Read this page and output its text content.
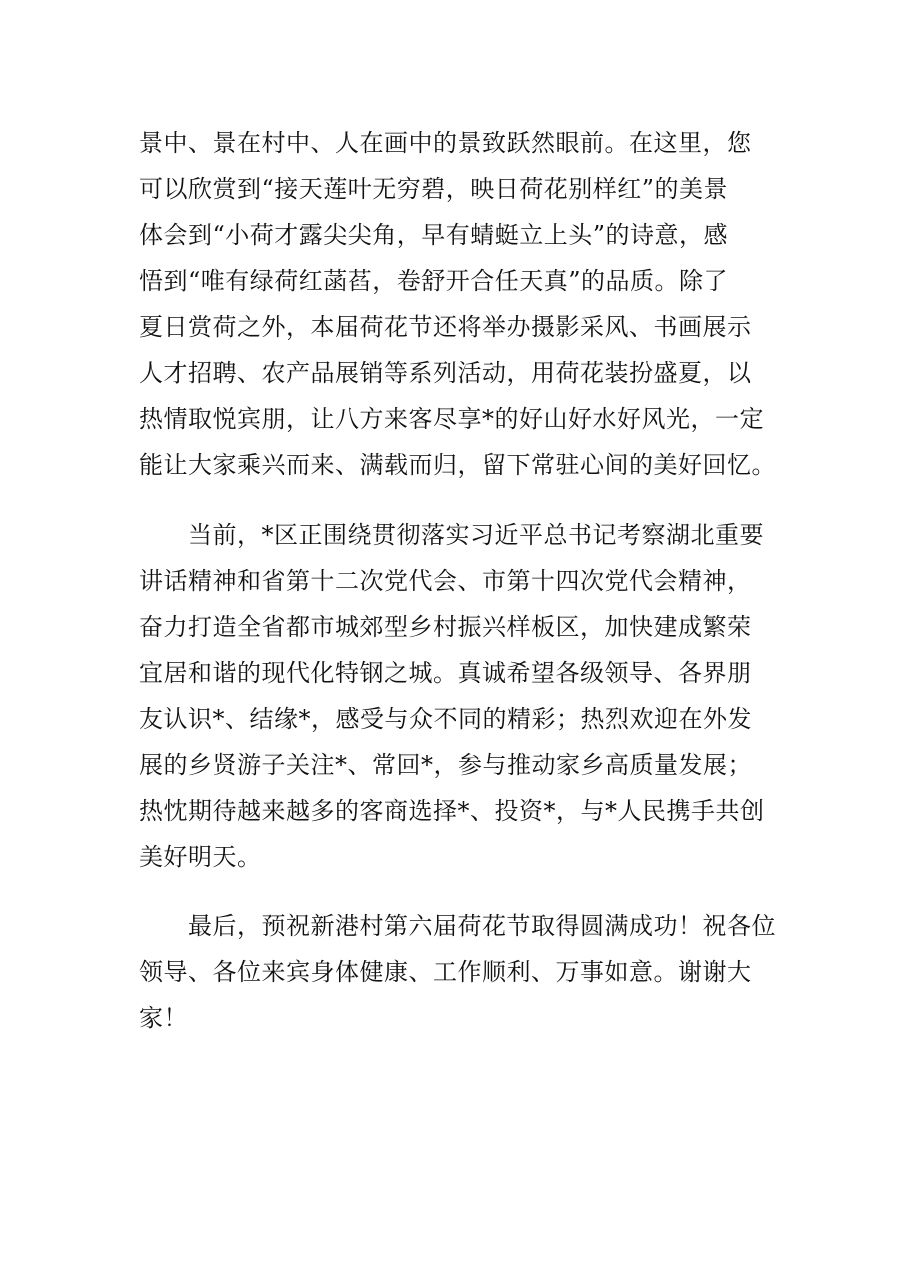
景中、景在村中、人在画中的景致跃然眼前。在这里，您
可以欣赏到“接天莲叶无穷碧，映日荷花别样红”的美景
体会到“小荷才露尖尖角，早有蜻蜓立上头”的诗意，感
悟到“唯有绿荷红菡萏，卷舒开合任天真”的品质。除了
夏日赏荷之外，本届荷花节还将举办摄影采风、书画展示
人才招聘、农产品展销等系列活动，用荷花装扮盛夏，以
热情取悦宾朋，让八方来客尽享*的好山好水好风光，一定
能让大家乘兴而来、满载而归，留下常驻心间的美好回忆。
　　当前，*区正围绕贯彻落实习近平总书记考察湖北重要
讲话精神和省第十二次党代会、市第十四次党代会精神，
奋力打造全省都市城郊型乡村振兴样板区，加快建成繁荣
宜居和谐的现代化特钢之城。真诚希望各级领导、各界朋
友认识*、结缘*，感受与众不同的精彩；热烈欢迎在外发
展的乡贤游子关注*、常回*，参与推动家乡高质量发展；
热忱期待越来越多的客商选择*、投资*，与*人民携手共创
美好明天。
　　最后，预祝新港村第六届荷花节取得圆满成功！祝各位
领导、各位来宾身体健康、工作顺利、万事如意。谢谢大
家！
